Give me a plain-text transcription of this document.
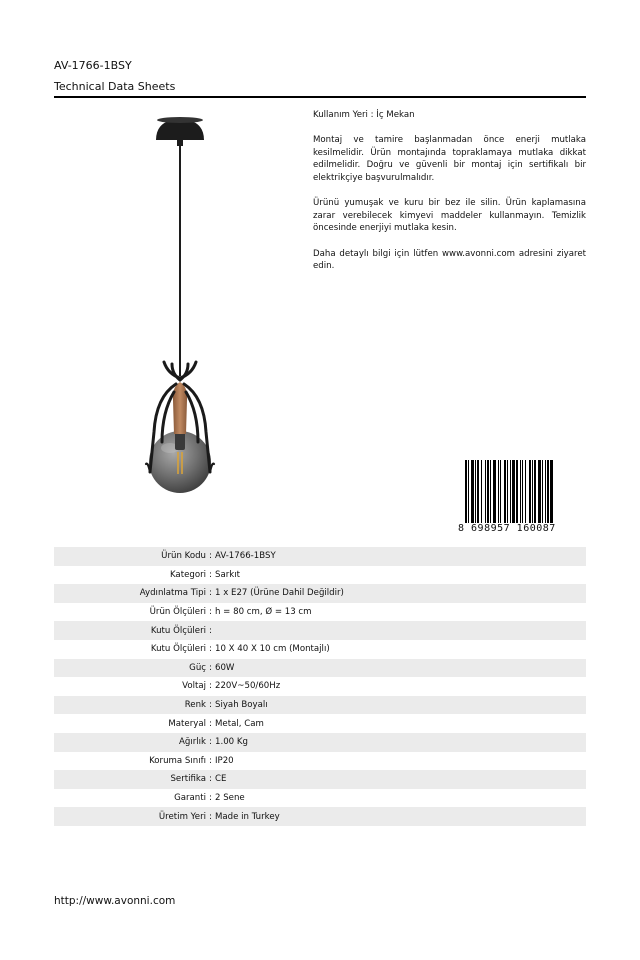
AV-1766-1BSY
Technical Data Sheets

Kullanım Yeri : İç Mekan

Montaj ve tamire başlanmadan önce enerji mutlaka kesilmelidir. Ürün montajında topraklamaya mutlaka dikkat edilmelidir. Doğru ve güvenli bir montaj için sertifikalı bir elektrikçiye başvurulmalıdır.

Ürünü yumuşak ve kuru bir bez ile silin. Ürün kaplamasına zarar verebilecek kimyevi maddeler kullanmayın. Temizlik öncesinde enerjiyi mutlaka kesin.

Daha detaylı bilgi için lütfen www.avonni.com adresini ziyaret edin.

8 698957 160087
Ürün Kodu : AV-1766-1BSY
Kategori : Sarkıt
Aydınlatma Tipi : 1 x E27 (Ürüne Dahil Değildir)
Ürün Ölçüleri : h = 80 cm, Ø = 13 cm
Kutu Ölçüleri :
Kutu Ölçüleri : 10 X 40 X 10 cm (Montajlı)
Güç : 60W
Voltaj : 220V~50/60Hz
Renk : Siyah Boyalı
Materyal : Metal, Cam
Ağırlık : 1.00 Kg
Koruma Sınıfı : IP20
Sertifika : CE
Garanti : 2 Sene
Üretim Yeri : Made in Turkey
http://www.avonni.com
